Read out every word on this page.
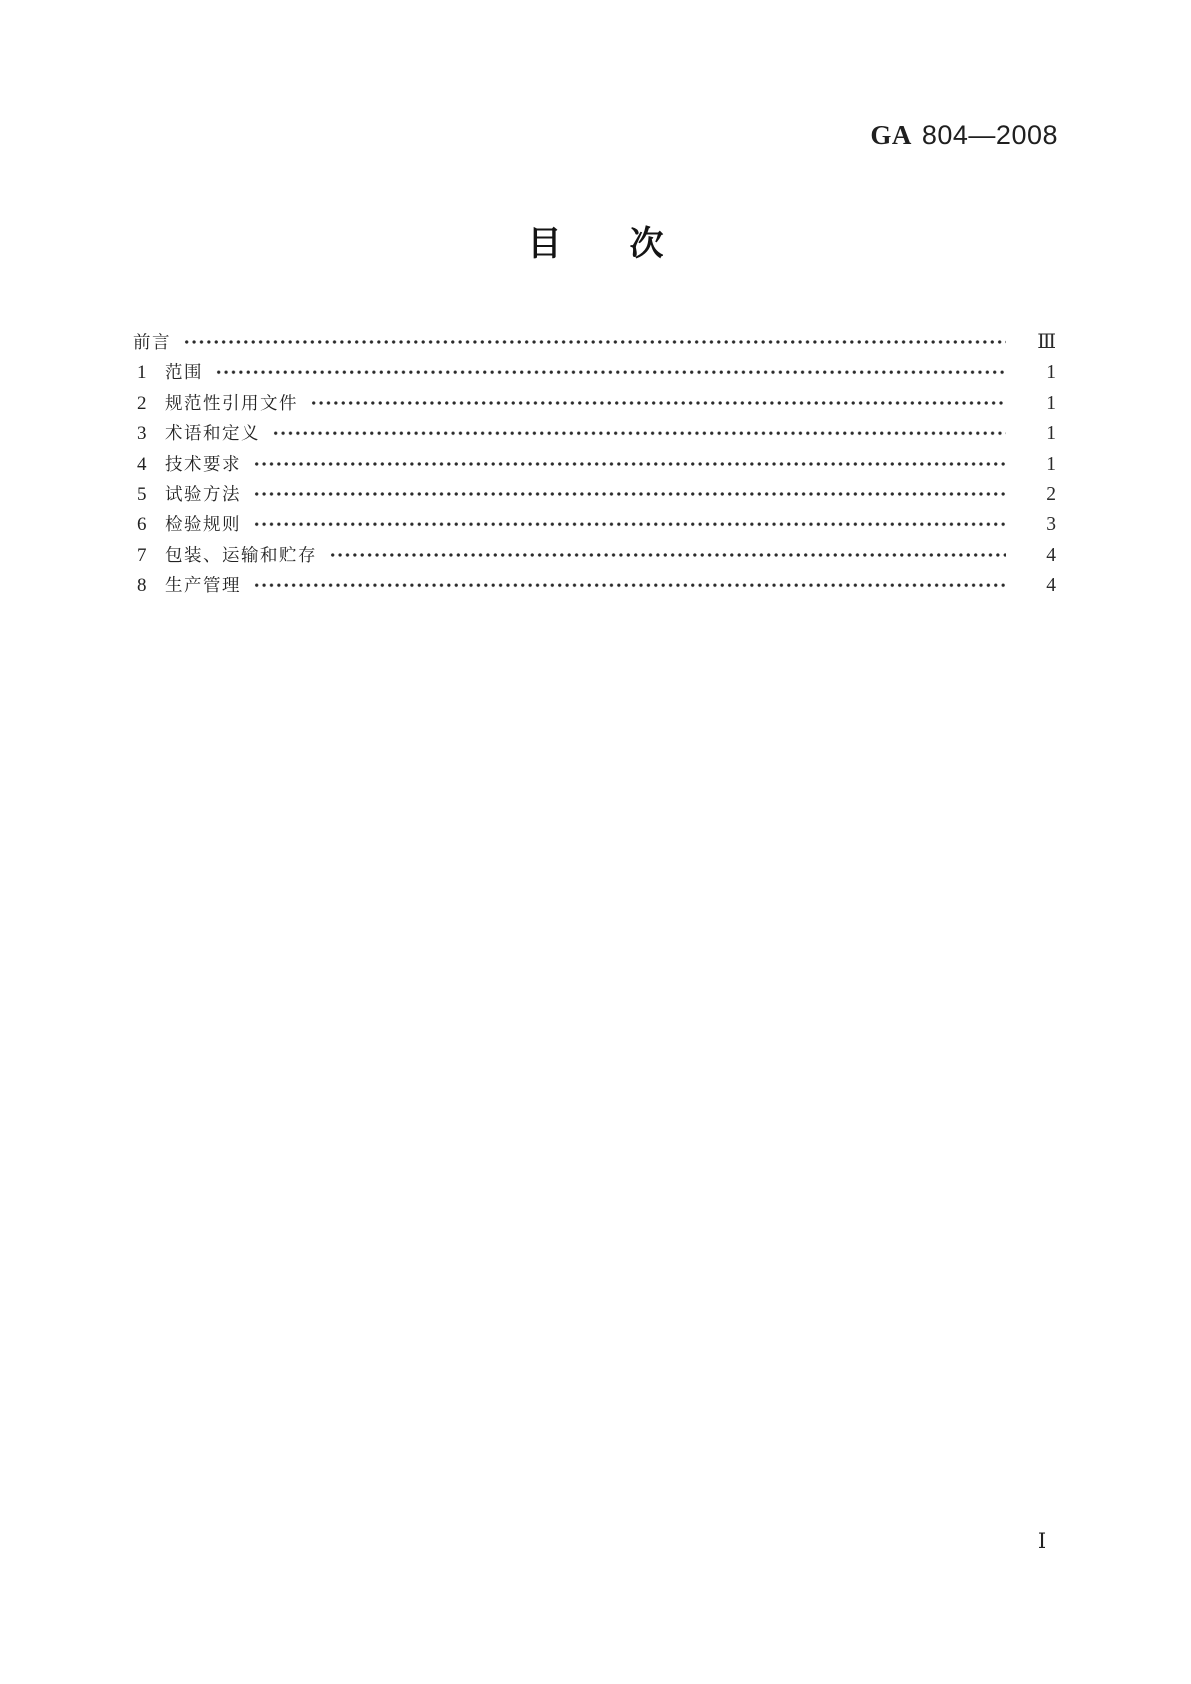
GA 804—2008
目　　次
前言	Ⅲ
1	范围	1
2	规范性引用文件	1
3	术语和定义	1
4	技术要求	1
5	试验方法	2
6	检验规则	3
7	包装、运输和贮存	4
8	生产管理	4
Ⅰ
